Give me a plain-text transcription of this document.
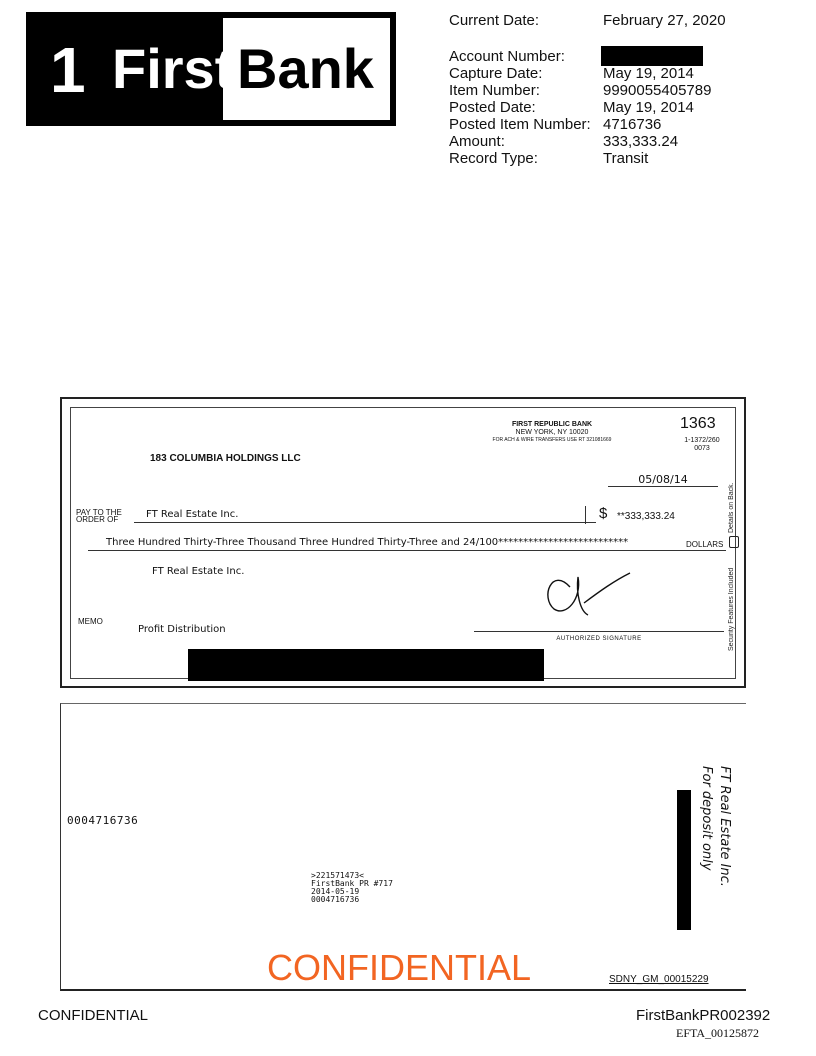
1 First Bank
Current Date:	February 27, 2020
Account Number:
Capture Date:	May 19, 2014
Item Number:	9990055405789
Posted Date:	May 19, 2014
Posted Item Number: 4716736
Amount:	333,333.24
Record Type:	Transit
FIRST REPUBLIC BANK
NEW YORK, NY 10020
FOR ACH & WIRE TRANSFERS USE RT 321081669
1363
1-1372/260
0073
183 COLUMBIA HOLDINGS LLC
05/08/14
PAY TO THE
ORDER OF	FT Real Estate Inc.	$ **333,333.24
Three Hundred Thirty-Three Thousand Three Hundred Thirty-Three and 24/100**************************	DOLLARS
FT Real Estate Inc.
MEMO
Profit Distribution
AUTHORIZED SIGNATURE
Details on Back.
Security Features Included
0004716736
>221571473<
FirstBank PR #717
2014-05-19
0004716736
FT Real Estate Inc.
For deposit only
CONFIDENTIAL	SDNY_GM_00015229
CONFIDENTIAL	FirstBankPR002392
EFTA_00125872
